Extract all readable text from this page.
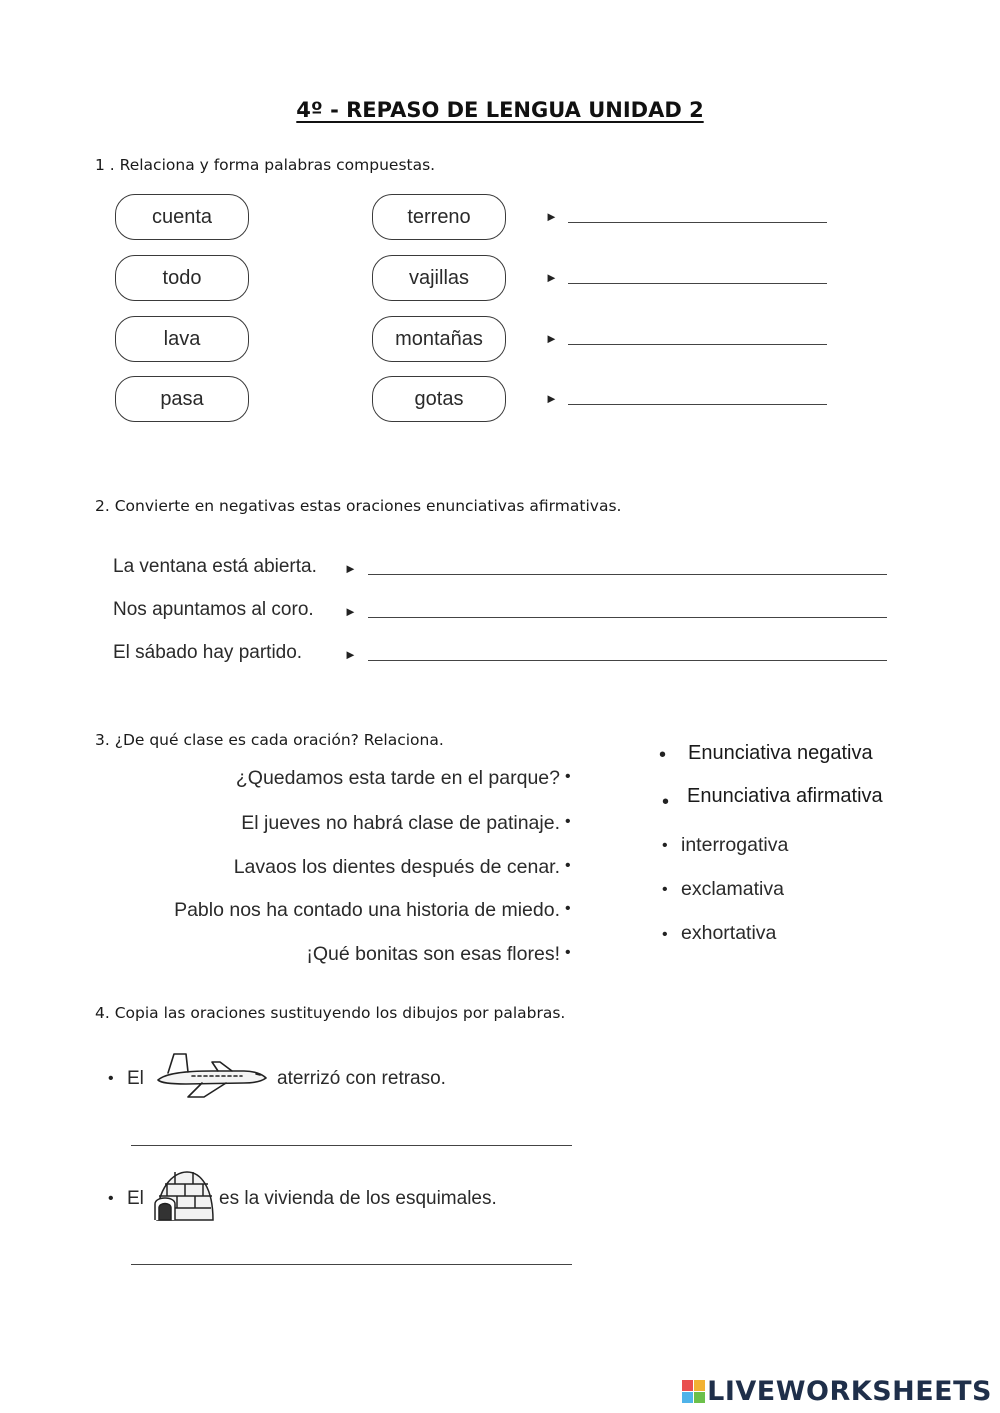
4º - REPASO DE LENGUA UNIDAD 2
1 . Relaciona y forma palabras compuestas.
cuenta
todo
lava
pasa
terreno
vajillas
montañas
gotas
►
►
►
►
2. Convierte en negativas estas oraciones enunciativas afirmativas.
La ventana está abierta.
Nos apuntamos al coro.
El sábado hay partido.
►
►
►
3. ¿De qué clase es cada oración? Relaciona.
¿Quedamos esta tarde en el parque?
El jueves no habrá clase de patinaje.
Lavaos los dientes después de cenar.
Pablo nos ha contado una historia de miedo.
¡Qué bonitas son esas flores!
•
•
•
•
•
• Enunciativa negativa
• Enunciativa afirmativa
• interrogativa
• exclamativa
• exhortativa
4. Copia las oraciones sustituyendo los dibujos por palabras.
• El	aterrizó con retraso.
• El	es la vivienda de los esquimales.
LIVEWORKSHEETS
